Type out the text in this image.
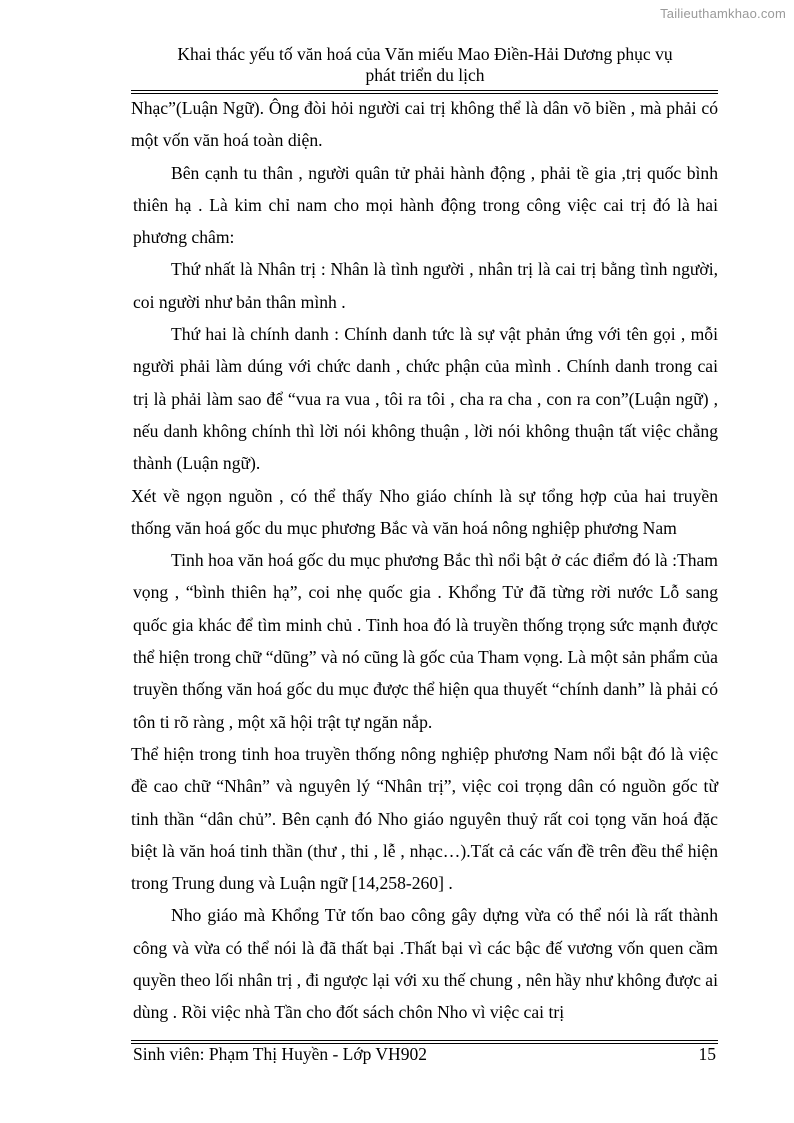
Tailieuthamkhao.com
Khai thác yếu tố văn hoá của Văn miếu Mao Điền-Hải Dương phục vụ
phát triển du lịch

Nhạc”(Luận Ngữ). Ông đòi hỏi người cai trị không thể là dân võ biền , mà phải có một vốn văn hoá toàn diện.

Bên cạnh tu thân , người quân tử phải hành động , phải tề gia ,trị quốc bình thiên hạ . Là kim chỉ nam cho mọi hành động trong công việc cai trị đó là hai phương châm:

Thứ nhất là Nhân trị : Nhân là tình người , nhân trị là cai trị bằng tình người, coi người như bản thân mình .

Thứ hai là chính danh : Chính danh tức là sự vật phản ứng với tên gọi , mỗi người phải làm dúng với chức danh , chức phận của mình . Chính danh trong cai trị là phải làm sao để “vua ra vua , tôi ra tôi , cha ra cha , con ra con”(Luận ngữ) , nếu danh không chính thì lời nói không thuận , lời nói không thuận tất việc chẳng thành (Luận ngữ).

Xét về ngọn nguồn , có thể thấy Nho giáo chính là sự tổng hợp của hai truyền thống văn hoá gốc du mục phương Bắc và văn hoá nông nghiệp phương Nam

Tinh hoa văn hoá gốc du mục phương Bắc thì nổi bật ở các điểm đó là :Tham vọng , “bình thiên hạ”, coi nhẹ quốc gia . Khổng Tử đã từng rời nước Lỗ sang quốc gia khác để tìm minh chủ . Tinh hoa đó là truyền thống trọng sức mạnh được thể hiện trong chữ “dũng” và nó cũng là gốc của Tham vọng. Là một sản phẩm của truyền thống văn hoá gốc du mục được thể hiện qua thuyết “chính danh” là phải có tôn ti rõ ràng , một xã hội trật tự ngăn nắp.

Thể hiện trong tinh hoa truyền thống nông nghiệp phương Nam nổi bật đó là việc đề cao chữ “Nhân” và nguyên lý “Nhân trị”, việc coi trọng dân có nguồn gốc từ tinh thần “dân chủ”. Bên cạnh đó Nho giáo nguyên thuỷ rất coi tọng văn hoá đặc biệt là văn hoá tinh thần (thư , thi , lễ , nhạc…).Tất cả các vấn đề trên đều thể hiện trong Trung dung và Luận ngữ [14,258-260] .

Nho giáo mà Khổng Tử tốn bao công gây dựng vừa có thể nói là rất thành công và vừa có thể nói là đã thất bại .Thất bại vì các bậc đế vương vốn quen cầm quyền theo lối nhân trị , đi ngược lại với xu thế chung , nên hầy như không được ai dùng . Rồi việc nhà Tần cho đốt sách chôn Nho vì việc cai trị

Sinh viên: Phạm Thị Huyền - Lớp VH902	15
